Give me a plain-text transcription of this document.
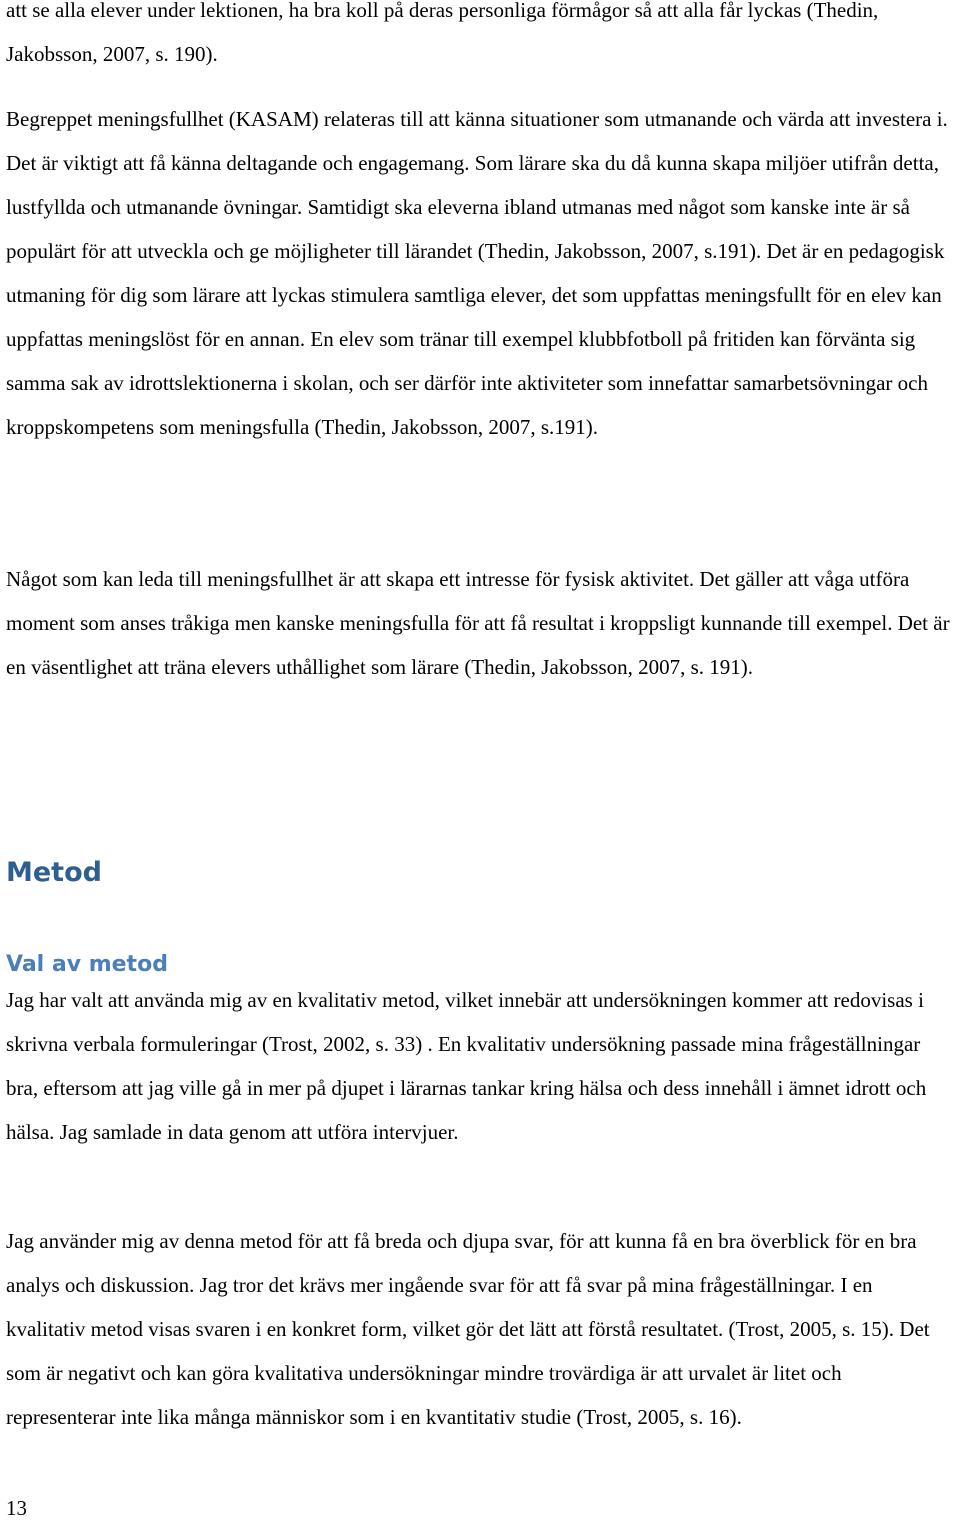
att se alla elever under lektionen, ha bra koll på deras personliga förmågor så att alla får lyckas (Thedin, Jakobsson, 2007, s. 190).

Begreppet meningsfullhet (KASAM) relateras till att känna situationer som utmanande och värda att investera i. Det är viktigt att få känna deltagande och engagemang. Som lärare ska du då kunna skapa miljöer utifrån detta, lustfyllda och utmanande övningar. Samtidigt ska eleverna ibland utmanas med något som kanske inte är så populärt för att utveckla och ge möjligheter till lärandet (Thedin, Jakobsson, 2007, s.191). Det är en pedagogisk utmaning för dig som lärare att lyckas stimulera samtliga elever, det som uppfattas meningsfullt för en elev kan uppfattas meningslöst för en annan. En elev som tränar till exempel klubbfotboll på fritiden kan förvänta sig samma sak av idrottslektionerna i skolan, och ser därför inte aktiviteter som innefattar samarbetsövningar och kroppskompetens som meningsfulla (Thedin, Jakobsson, 2007, s.191).

Något som kan leda till meningsfullhet är att skapa ett intresse för fysisk aktivitet. Det gäller att våga utföra moment som anses tråkiga men kanske meningsfulla för att få resultat i kroppsligt kunnande till exempel. Det är en väsentlighet att träna elevers uthållighet som lärare (Thedin, Jakobsson, 2007, s. 191).

Metod
Val av metod

Jag har valt att använda mig av en kvalitativ metod, vilket innebär att undersökningen kommer att redovisas i skrivna verbala formuleringar (Trost, 2002, s. 33) . En kvalitativ undersökning passade mina frågeställningar bra, eftersom att jag ville gå in mer på djupet i lärarnas tankar kring hälsa och dess innehåll i ämnet idrott och hälsa. Jag samlade in data genom att utföra intervjuer.

Jag använder mig av denna metod för att få breda och djupa svar, för att kunna få en bra överblick för en bra analys och diskussion. Jag tror det krävs mer ingående svar för att få svar på mina frågeställningar. I en kvalitativ metod visas svaren i en konkret form, vilket gör det lätt att förstå resultatet. (Trost, 2005, s. 15). Det som är negativt och kan göra kvalitativa undersökningar mindre trovärdiga är att urvalet är litet och representerar inte lika många människor som i en kvantitativ studie (Trost, 2005, s. 16).

13
